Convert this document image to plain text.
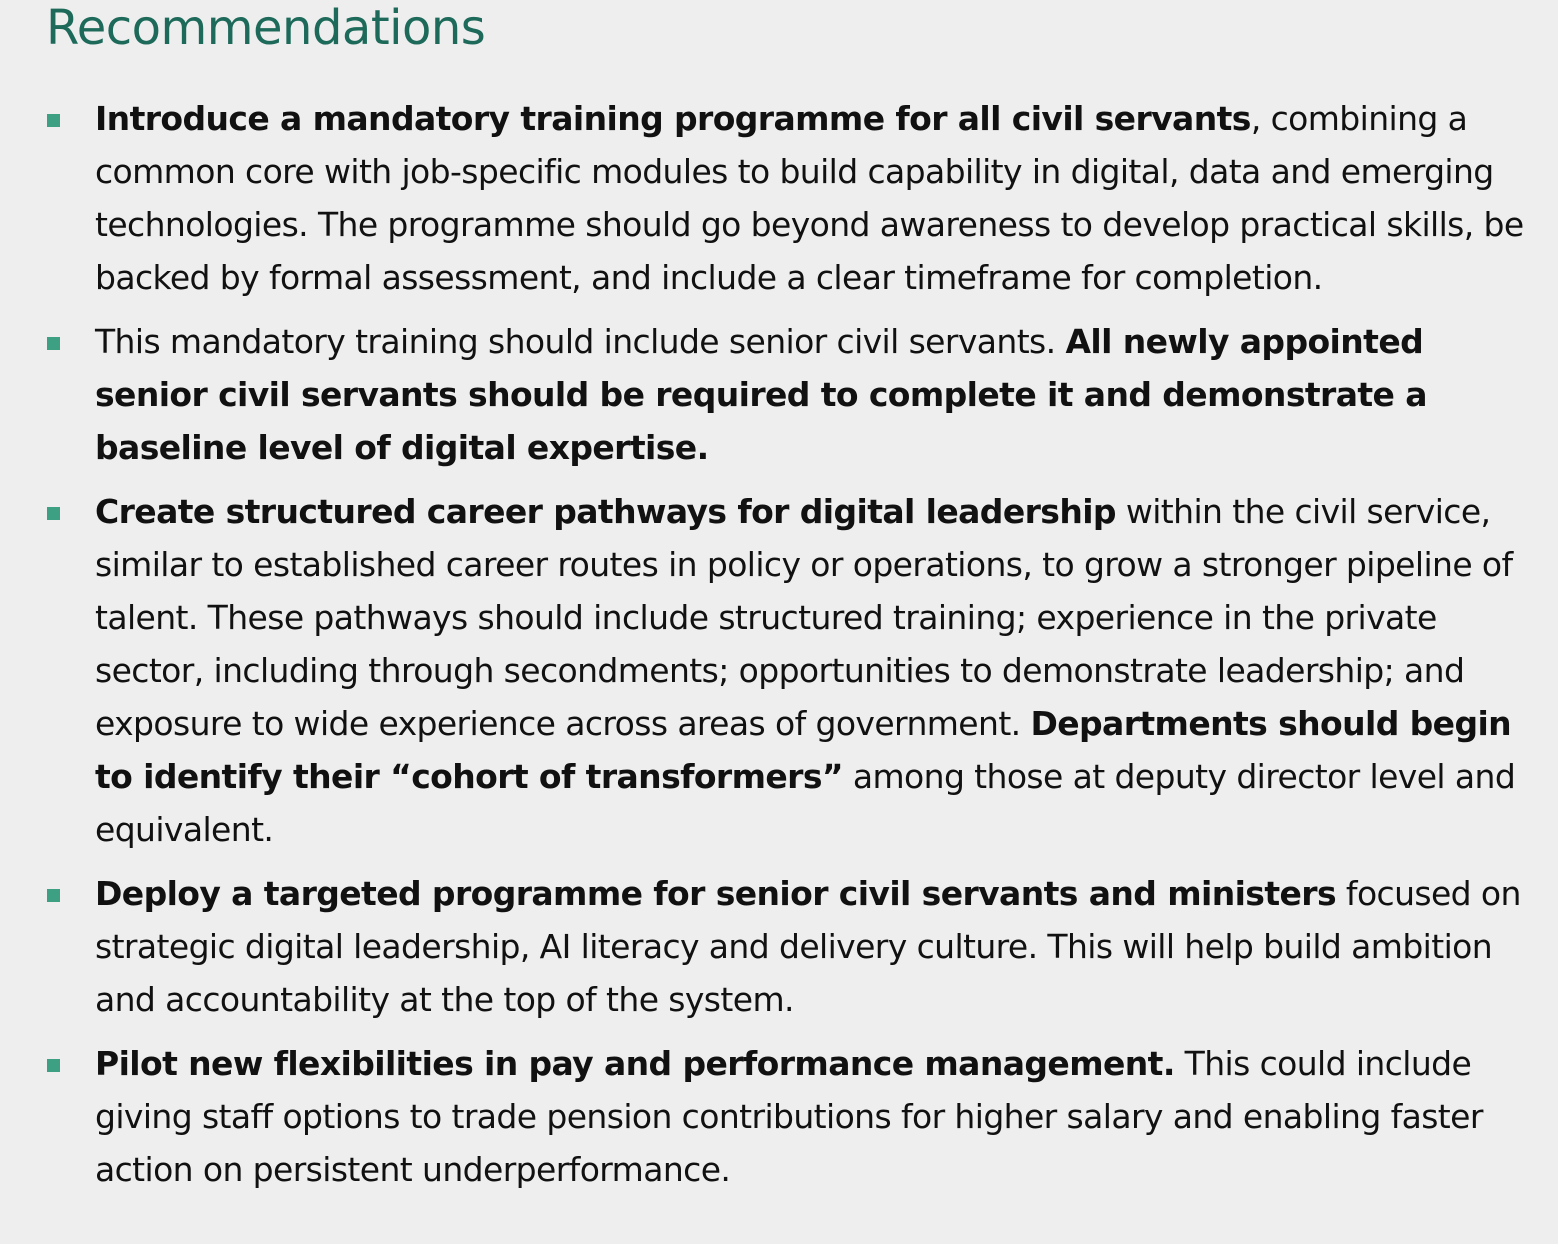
Recommendations
Introduce a mandatory training programme for all civil servants, combining a common core with job-specific modules to build capability in digital, data and emerging technologies. The programme should go beyond awareness to develop practical skills, be backed by formal assessment, and include a clear timeframe for completion.
This mandatory training should include senior civil servants. All newly appointed senior civil servants should be required to complete it and demonstrate a baseline level of digital expertise.
Create structured career pathways for digital leadership within the civil service, similar to established career routes in policy or operations, to grow a stronger pipeline of talent. These pathways should include structured training; experience in the private sector, including through secondments; opportunities to demonstrate leadership; and exposure to wide experience across areas of government. Departments should begin to identify their “cohort of transformers” among those at deputy director level and equivalent.
Deploy a targeted programme for senior civil servants and ministers focused on strategic digital leadership, AI literacy and delivery culture. This will help build ambition and accountability at the top of the system.
Pilot new flexibilities in pay and performance management. This could include giving staff options to trade pension contributions for higher salary and enabling faster action on persistent underperformance.
